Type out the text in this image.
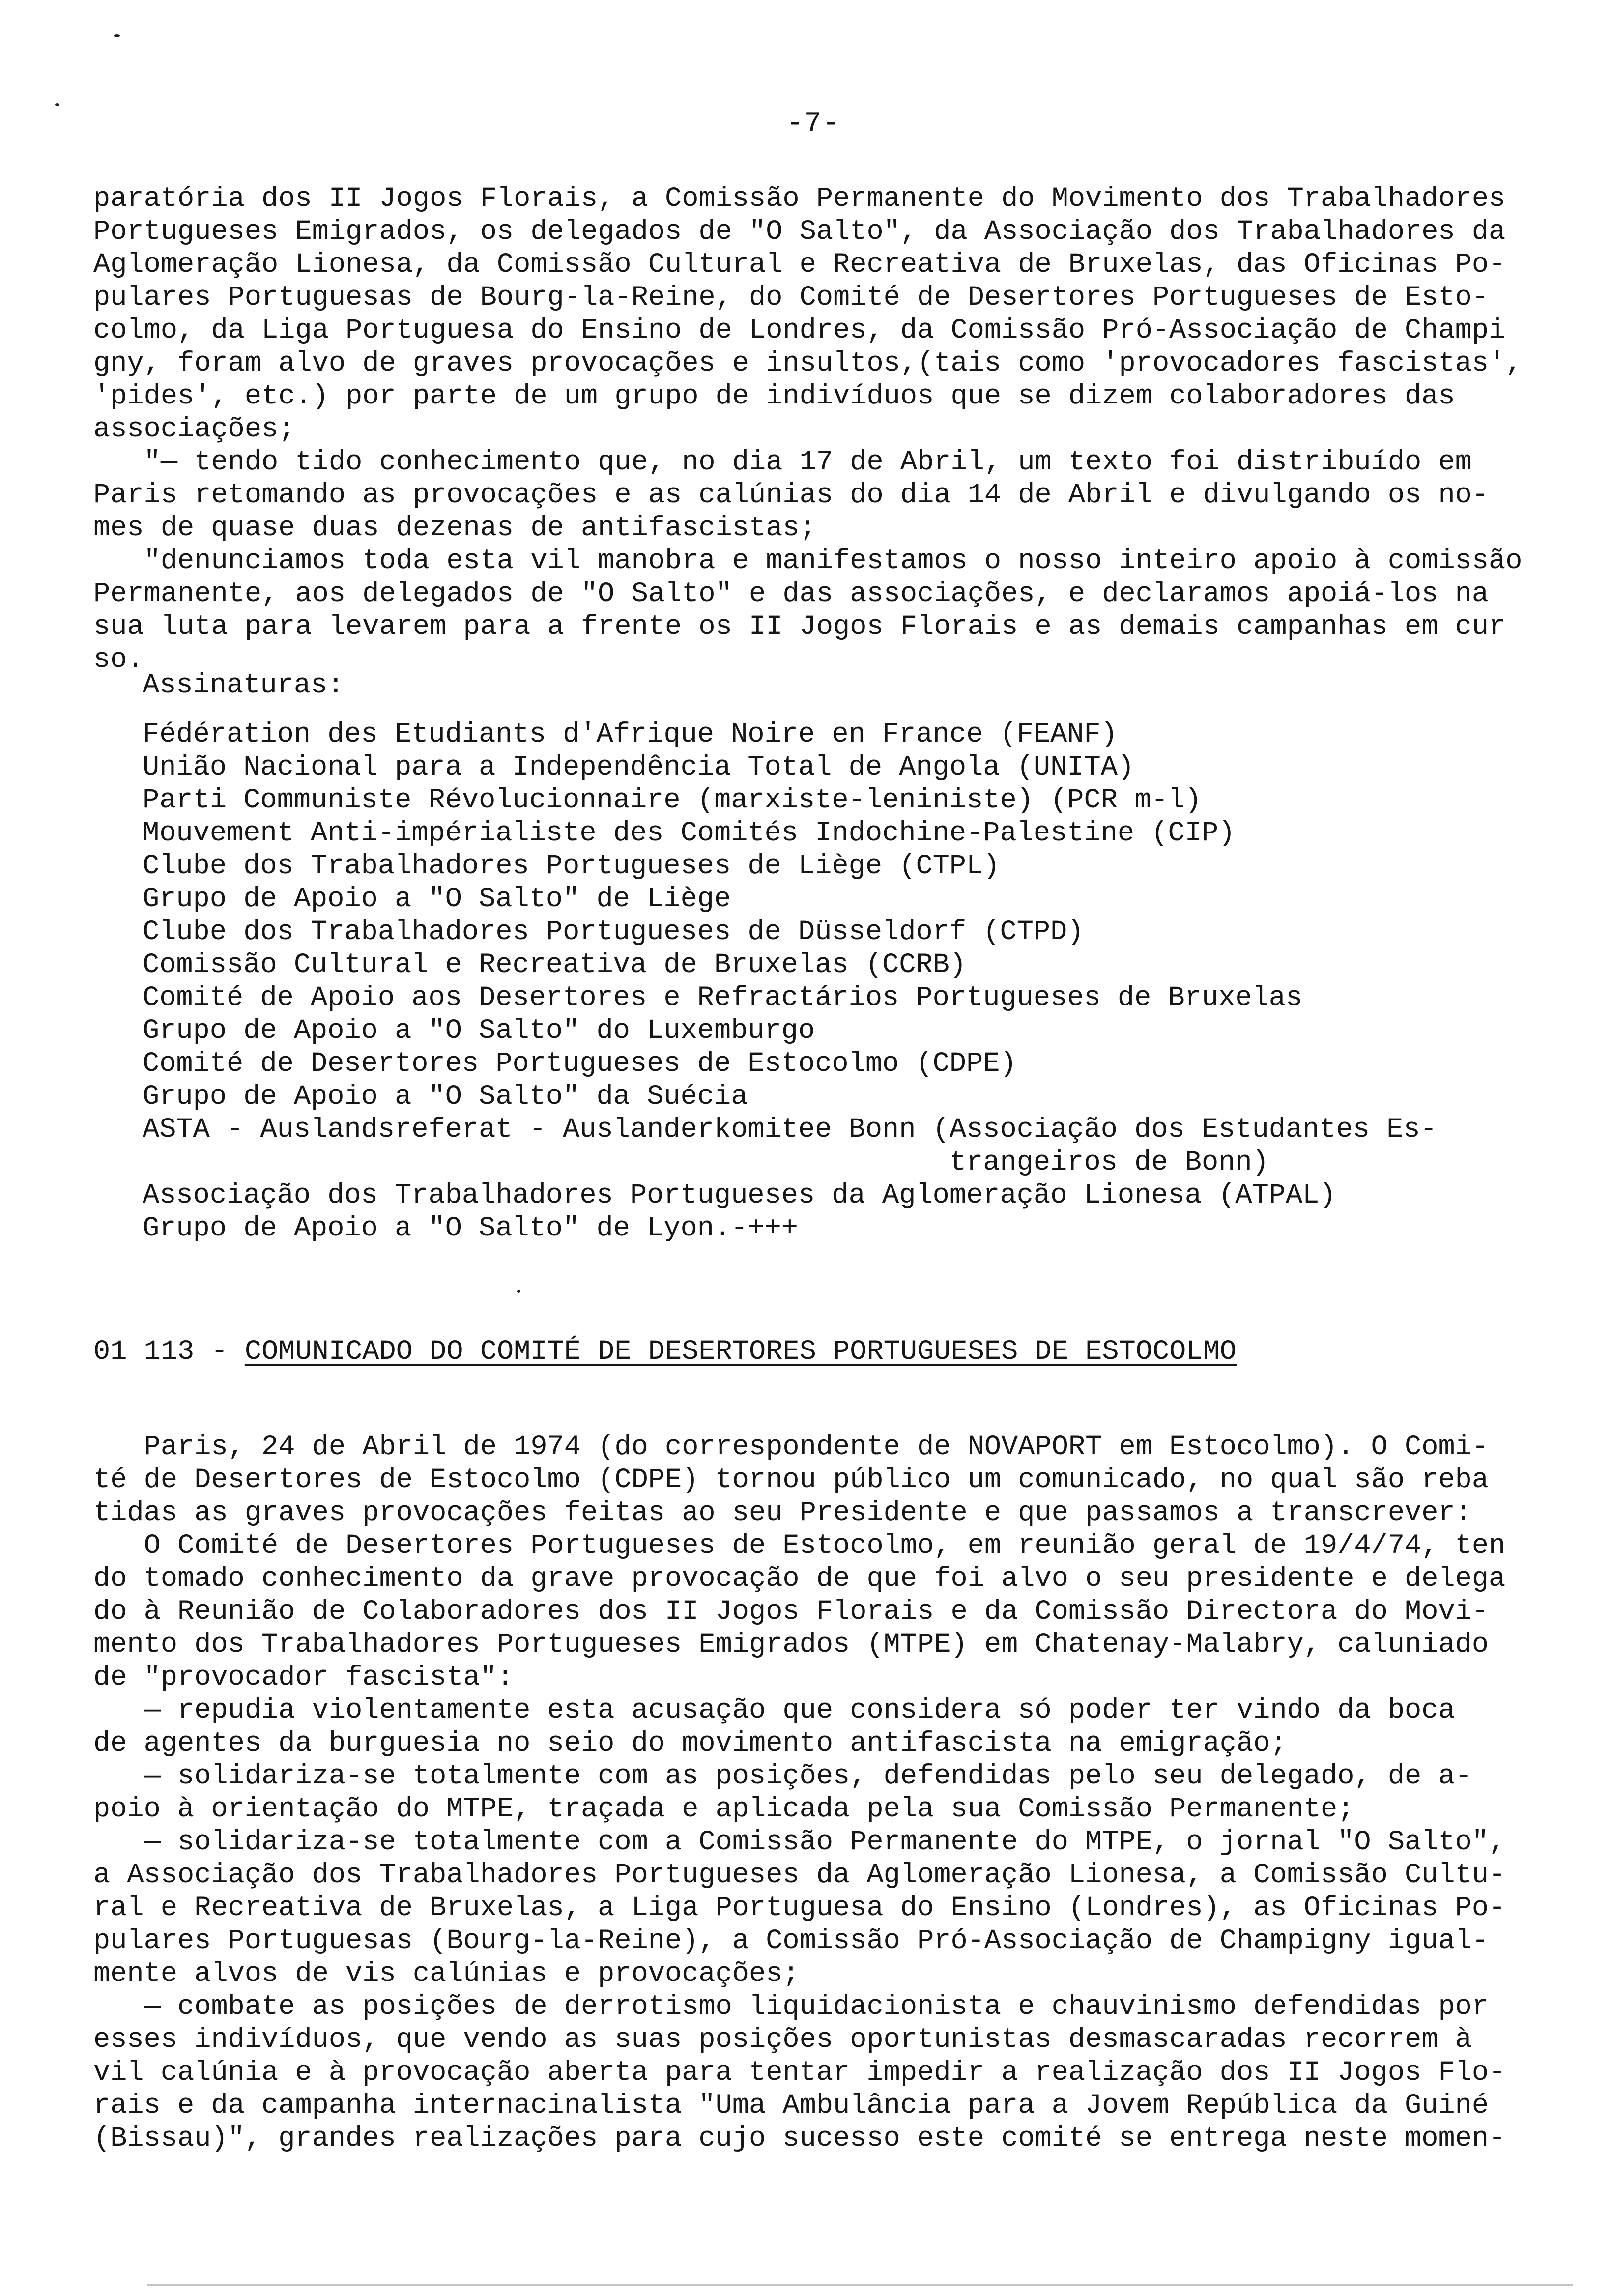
-7-
paratória dos II Jogos Florais, a Comissão Permanente do Movimento dos Trabalhadores
Portugueses Emigrados, os delegados de "O Salto", da Associação dos Trabalhadores da
Aglomeração Lionesa, da Comissão Cultural e Recreativa de Bruxelas, das Oficinas Po-
pulares Portuguesas de Bourg-la-Reine, do Comité de Desertores Portugueses de Esto-
colmo, da Liga Portuguesa do Ensino de Londres, da Comissão Pró-Associação de Champi
gny, foram alvo de graves provocações e insultos,(tais como 'provocadores fascistas',
'pides', etc.) por parte de um grupo de indivíduos que se dizem colaboradores das
associações;
"— tendo tido conhecimento que, no dia 17 de Abril, um texto foi distribuído em
Paris retomando as provocações e as calúnias do dia 14 de Abril e divulgando os no-
mes de quase duas dezenas de antifascistas;
"denunciamos toda esta vil manobra e manifestamos o nosso inteiro apoio à comissão
Permanente, aos delegados de "O Salto" e das associações, e declaramos apoiá-los na
sua luta para levarem para a frente os II Jogos Florais e as demais campanhas em cur
so.
Assinaturas:
Fédération des Etudiants d'Afrique Noire en France (FEANF)
União Nacional para a Independência Total de Angola (UNITA)
Parti Communiste Révolucionnaire (marxiste-leniniste) (PCR m-l)
Mouvement Anti-impérialiste des Comités Indochine-Palestine (CIP)
Clube dos Trabalhadores Portugueses de Liège (CTPL)
Grupo de Apoio a "O Salto" de Liège
Clube dos Trabalhadores Portugueses de Düsseldorf (CTPD)
Comissão Cultural e Recreativa de Bruxelas (CCRB)
Comité de Apoio aos Desertores e Refractários Portugueses de Bruxelas
Grupo de Apoio a "O Salto" do Luxemburgo
Comité de Desertores Portugueses de Estocolmo (CDPE)
Grupo de Apoio a "O Salto" da Suécia
ASTA - Auslandsreferat - Auslanderkomitee Bonn (Associação dos Estudantes Es-
trangeiros de Bonn)
Associação dos Trabalhadores Portugueses da Aglomeração Lionesa (ATPAL)
Grupo de Apoio a "O Salto" de Lyon.-+++
01 113 - COMUNICADO DO COMITÉ DE DESERTORES PORTUGUESES DE ESTOCOLMO
Paris, 24 de Abril de 1974 (do correspondente de NOVAPORT em Estocolmo). O Comi-
té de Desertores de Estocolmo (CDPE) tornou público um comunicado, no qual são reba
tidas as graves provocações feitas ao seu Presidente e que passamos a transcrever:
O Comité de Desertores Portugueses de Estocolmo, em reunião geral de 19/4/74, ten
do tomado conhecimento da grave provocação de que foi alvo o seu presidente e delega
do à Reunião de Colaboradores dos II Jogos Florais e da Comissão Directora do Movi-
mento dos Trabalhadores Portugueses Emigrados (MTPE) em Chatenay-Malabry, caluniado
de "provocador fascista":
— repudia violentamente esta acusação que considera só poder ter vindo da boca
de agentes da burguesia no seio do movimento antifascista na emigração;
— solidariza-se totalmente com as posições, defendidas pelo seu delegado, de a-
poio à orientação do MTPE, traçada e aplicada pela sua Comissão Permanente;
— solidariza-se totalmente com a Comissão Permanente do MTPE, o jornal "O Salto",
a Associação dos Trabalhadores Portugueses da Aglomeração Lionesa, a Comissão Cultu-
ral e Recreativa de Bruxelas, a Liga Portuguesa do Ensino (Londres), as Oficinas Po-
pulares Portuguesas (Bourg-la-Reine), a Comissão Pró-Associação de Champigny igual-
mente alvos de vis calúnias e provocações;
— combate as posições de derrotismo liquidacionista e chauvinismo defendidas por
esses indivíduos, que vendo as suas posições oportunistas desmascaradas recorrem à
vil calúnia e à provocação aberta para tentar impedir a realização dos II Jogos Flo-
rais e da campanha internacinalista "Uma Ambulância para a Jovem República da Guiné
(Bissau)", grandes realizações para cujo sucesso este comité se entrega neste momen-
